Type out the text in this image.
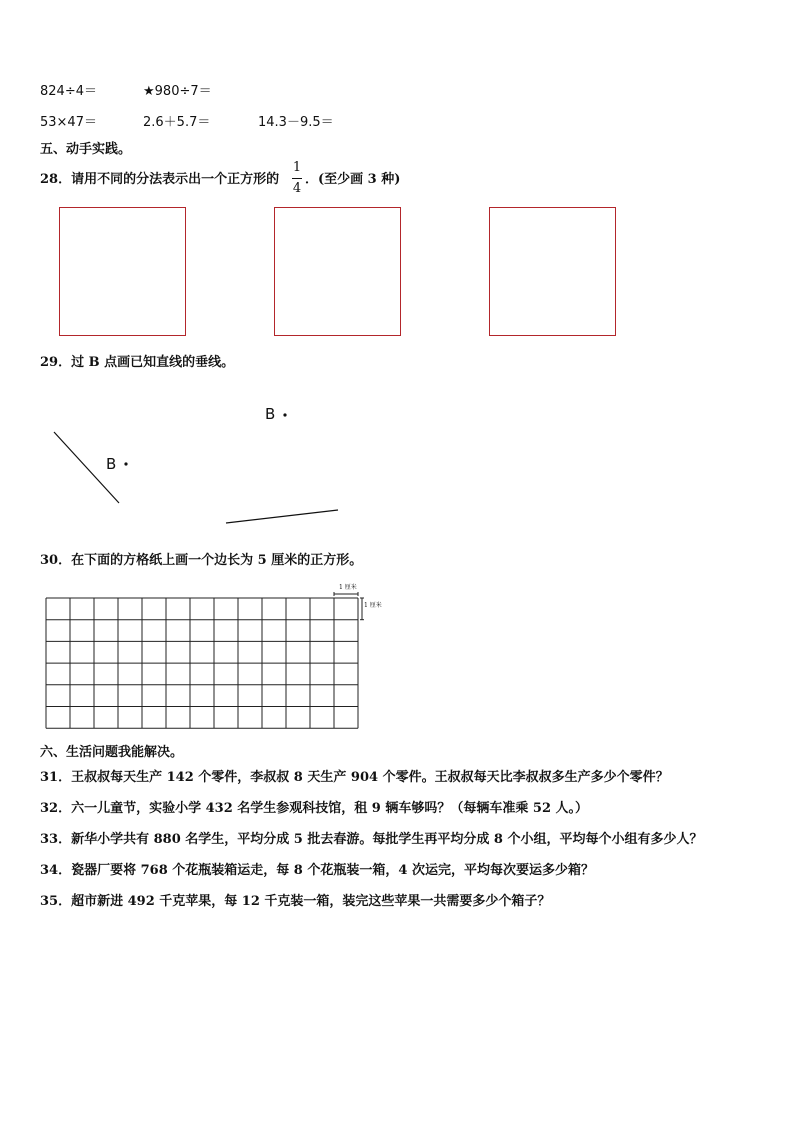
824÷4＝	★980÷7＝
53×47＝	2.6＋5.7＝	14.3－9.5＝
五、动手实践。
28．请用不同的分法表示出一个正方形的
1
4
．(至少画 3 种)
29．过 B 点画已知直线的垂线。
B
B
30．在下面的方格纸上画一个边长为 5 厘米的正方形。
1 厘米
1 厘米
六、生活问题我能解决。
31．王叔叔每天生产 142 个零件，李叔叔 8 天生产 904 个零件。王叔叔每天比李叔叔多生产多少个零件？
32．六一儿童节，实验小学 432 名学生参观科技馆，租 9 辆车够吗？（每辆车准乘 52 人。）
33．新华小学共有 880 名学生，平均分成 5 批去春游。每批学生再平均分成 8 个小组，平均每个小组有多少人？
34．瓷器厂要将 768 个花瓶装箱运走，每 8 个花瓶装一箱，4 次运完，平均每次要运多少箱？
35．超市新进 492 千克苹果，每 12 千克装一箱，装完这些苹果一共需要多少个箱子？
